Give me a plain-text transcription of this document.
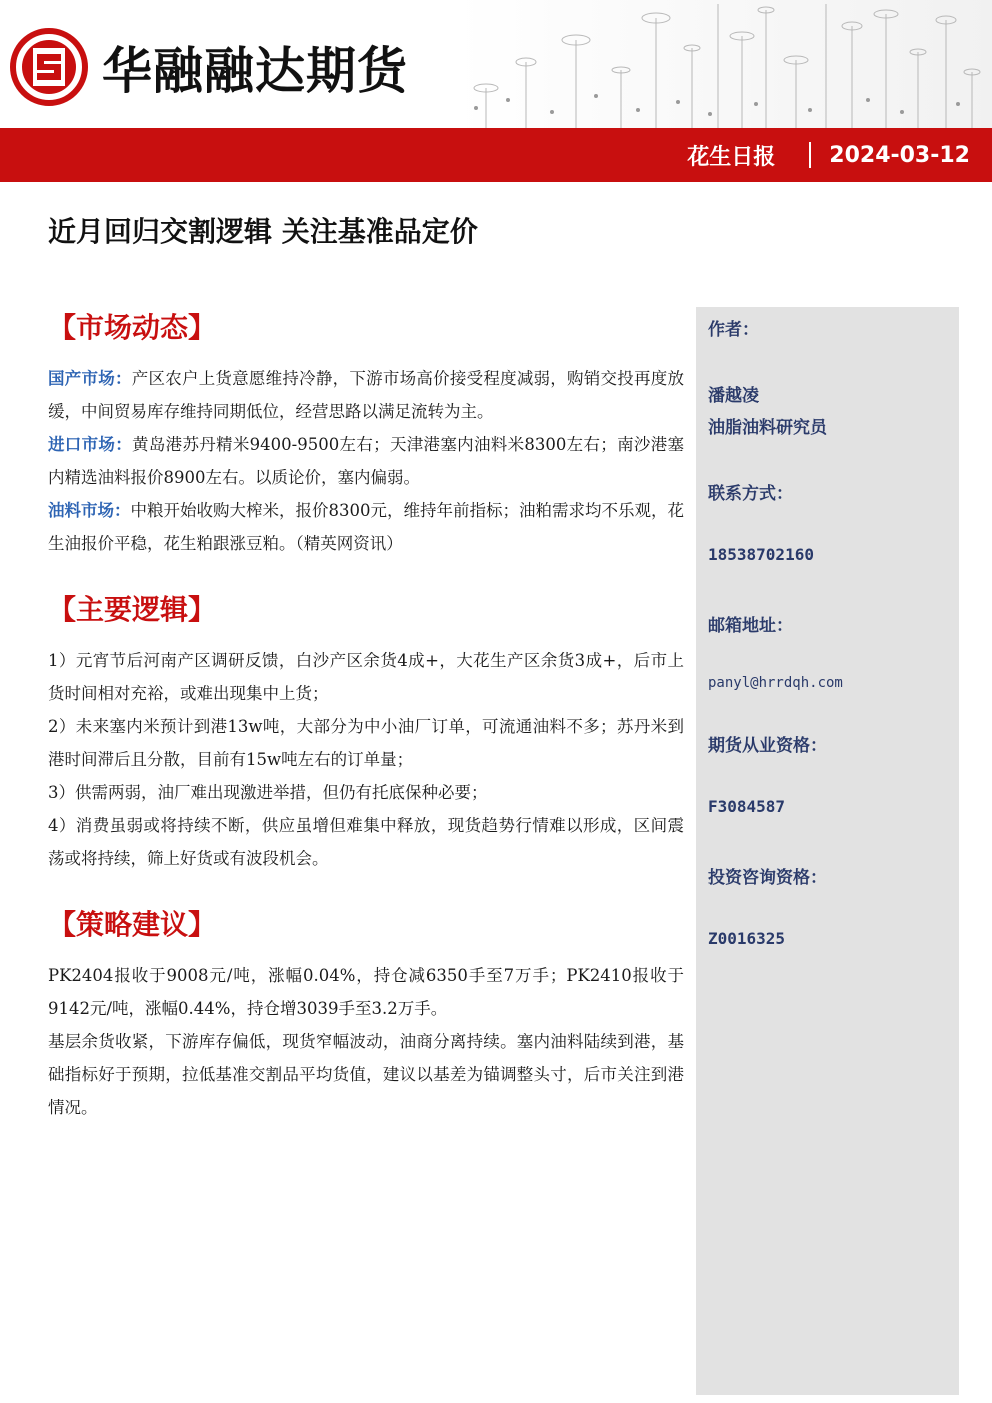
华融融达期货
花生日报 2024-03-12
近月回归交割逻辑 关注基准品定价
【市场动态】

国产市场：产区农户上货意愿维持冷静，下游市场高价接受程度减弱，购销交投再度放缓，中间贸易库存维持同期低位，经营思路以满足流转为主。

进口市场：黄岛港苏丹精米9400-9500左右；天津港塞内油料米8300左右；南沙港塞内精选油料报价8900左右。以质论价，塞内偏弱。

油料市场：中粮开始收购大榨米，报价8300元，维持年前指标；油粕需求均不乐观，花生油报价平稳，花生粕跟涨豆粕。（精英网资讯）

【主要逻辑】

1）元宵节后河南产区调研反馈，白沙产区余货4成+，大花生产区余货3成+，后市上货时间相对充裕，或难出现集中上货；

2）未来塞内米预计到港13w吨，大部分为中小油厂订单，可流通油料不多；苏丹米到港时间滞后且分散，目前有15w吨左右的订单量；

3）供需两弱，油厂难出现激进举措，但仍有托底保种必要；

4）消费虽弱或将持续不断，供应虽增但难集中释放，现货趋势行情难以形成，区间震荡或将持续，筛上好货或有波段机会。

【策略建议】

PK2404报收于9008元/吨，涨幅0.04%，持仓减6350手至7万手；PK2410报收于9142元/吨，涨幅0.44%，持仓增3039手至3.2万手。

基层余货收紧，下游库存偏低，现货窄幅波动，油商分离持续。塞内油料陆续到港，基础指标好于预期，拉低基准交割品平均货值，建议以基差为锚调整头寸，后市关注到港情况。

作者：
潘越凌
油脂油料研究员
联系方式：
18538702160
邮箱地址：
panyl@hrrdqh.com
期货从业资格：
F3084587
投资咨询资格：
Z0016325
